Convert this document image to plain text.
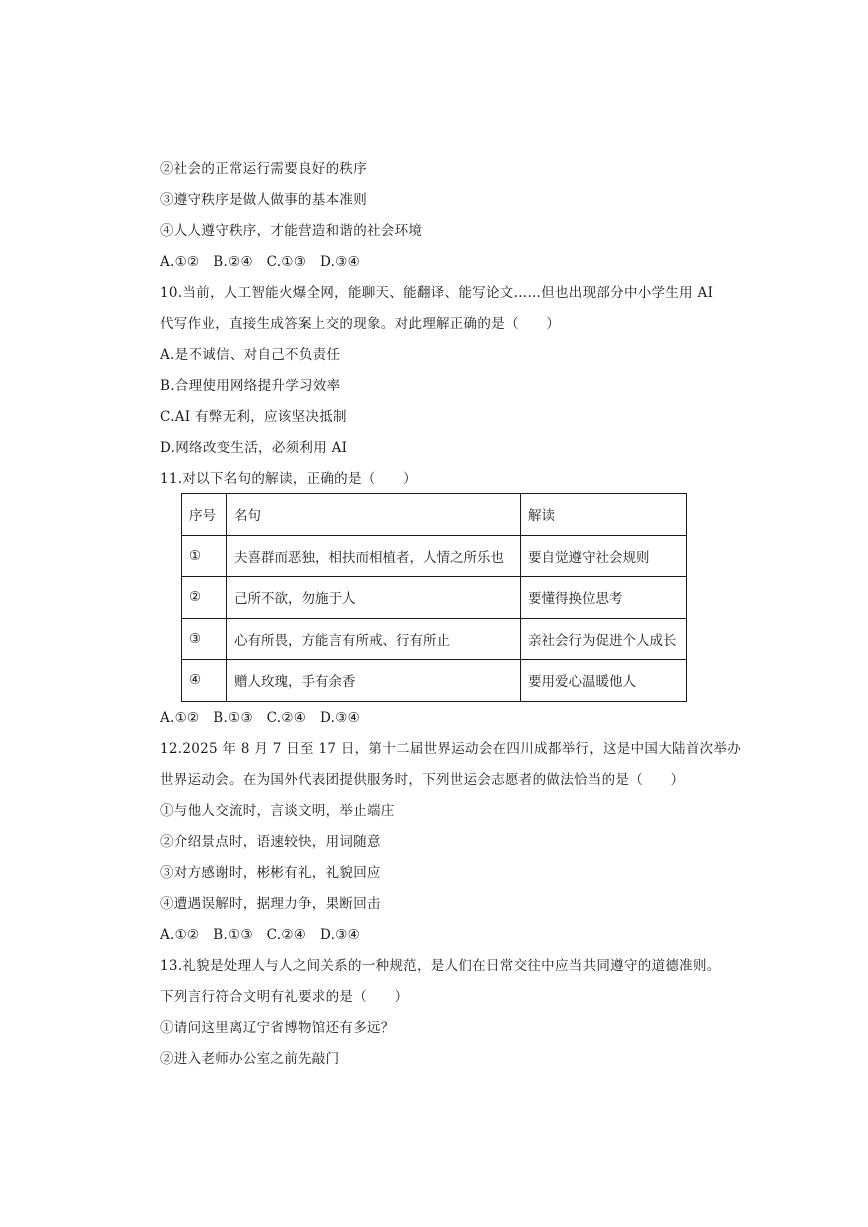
②社会的正常运行需要良好的秩序
③遵守秩序是做人做事的基本准则
④人人遵守秩序，才能营造和谐的社会环境
A.①②　B.②④　C.①③　D.③④
10.当前，人工智能火爆全网，能聊天、能翻译、能写论文……但也出现部分中小学生用 AI
代写作业，直接生成答案上交的现象。对此理解正确的是（　　）
A.是不诚信、对自己不负责任
B.合理使用网络提升学习效率
C.AI 有弊无利，应该坚决抵制
D.网络改变生活，必须利用 AI
11.对以下名句的解读，正确的是（　　）
序号	名句	解读
①	夫喜群而恶独，相扶而相植者，人情之所乐也	要自觉遵守社会规则
②	己所不欲，勿施于人	要懂得换位思考
③	心有所畏，方能言有所戒、行有所止	亲社会行为促进个人成长
④	赠人玫瑰，手有余香	要用爱心温暖他人
A.①②　B.①③　C.②④　D.③④
12.2025 年 8 月 7 日至 17 日，第十二届世界运动会在四川成都举行，这是中国大陆首次举办
世界运动会。在为国外代表团提供服务时，下列世运会志愿者的做法恰当的是（　　）
①与他人交流时，言谈文明，举止端庄
②介绍景点时，语速较快，用词随意
③对方感谢时，彬彬有礼，礼貌回应
④遭遇误解时，据理力争，果断回击
A.①②　B.①③　C.②④　D.③④
13.礼貌是处理人与人之间关系的一种规范，是人们在日常交往中应当共同遵守的道德准则。
下列言行符合文明有礼要求的是（　　）
①请问这里离辽宁省博物馆还有多远？
②进入老师办公室之前先敲门
